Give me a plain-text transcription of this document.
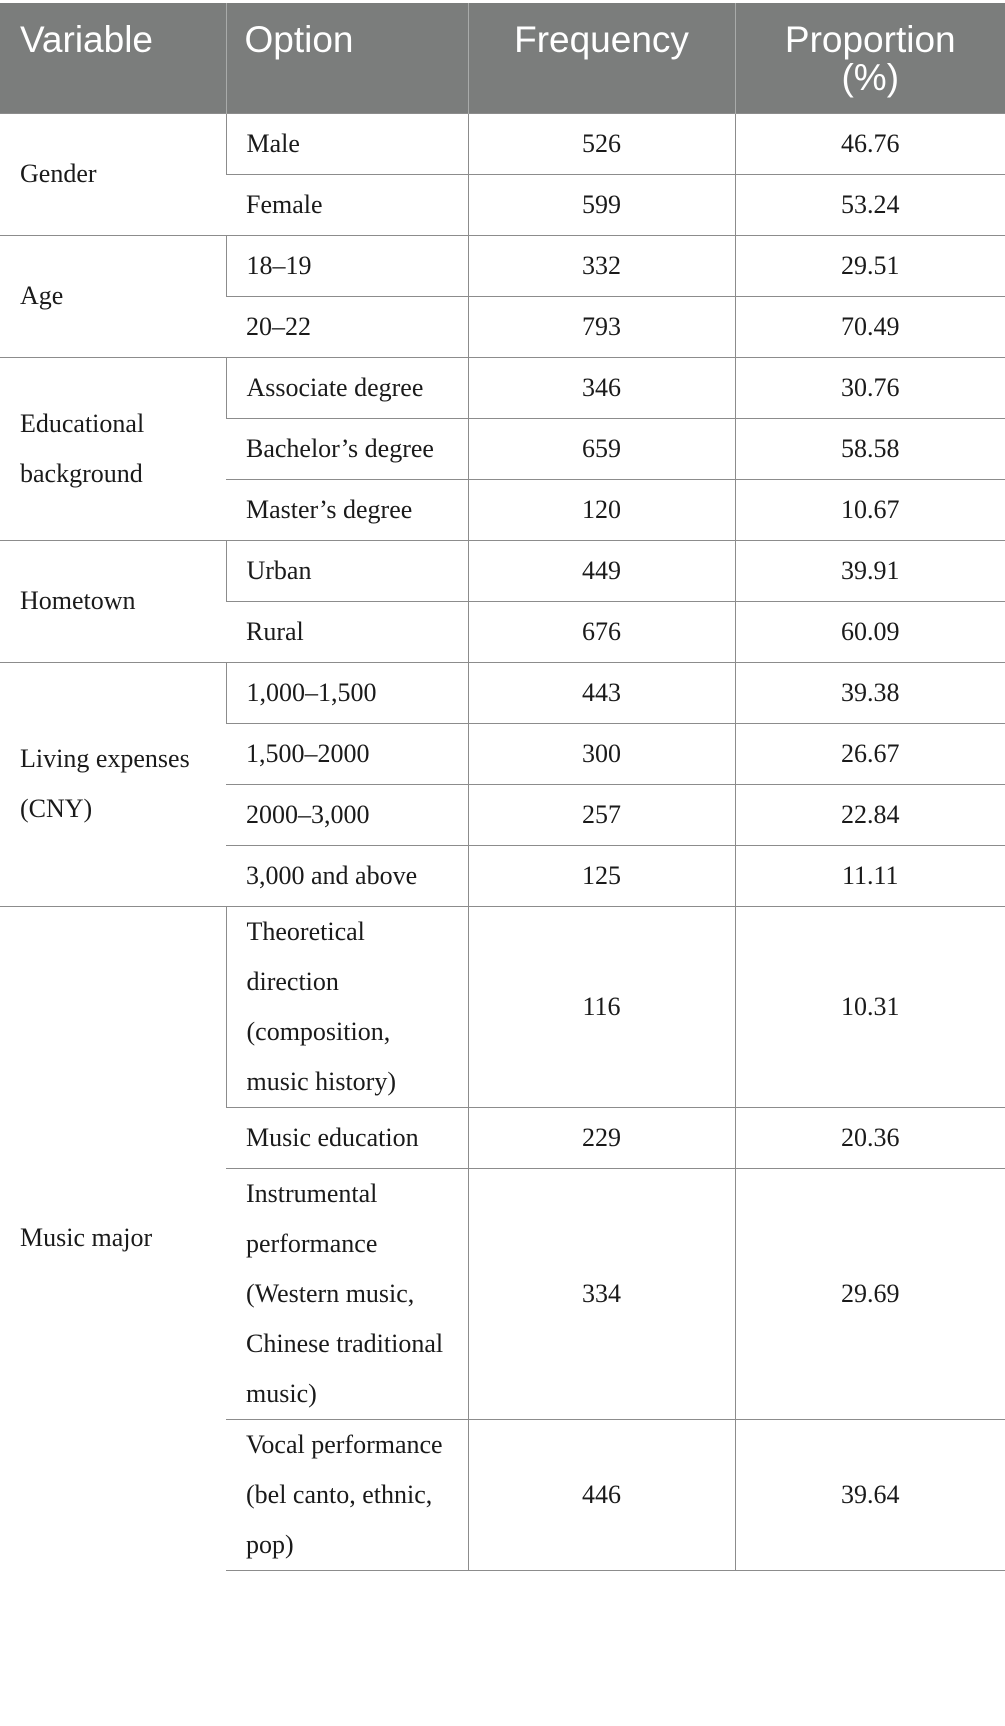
Variable	Option	Frequency	Proportion (%)
Gender	Male	526	46.76
	Female	599	53.24
Age	18–19	332	29.51
	20–22	793	70.49
Educational background	Associate degree	346	30.76
	Bachelor’s degree	659	58.58
	Master’s degree	120	10.67
Hometown	Urban	449	39.91
	Rural	676	60.09
Living expenses (CNY)	1,000–1,500	443	39.38
	1,500–2000	300	26.67
	2000–3,000	257	22.84
	3,000 and above	125	11.11
Music major	Theoretical direction (composition, music history)	116	10.31
	Music education	229	20.36
	Instrumental performance (Western music, Chinese traditional music)	334	29.69
	Vocal performance (bel canto, ethnic, pop)	446	39.64
